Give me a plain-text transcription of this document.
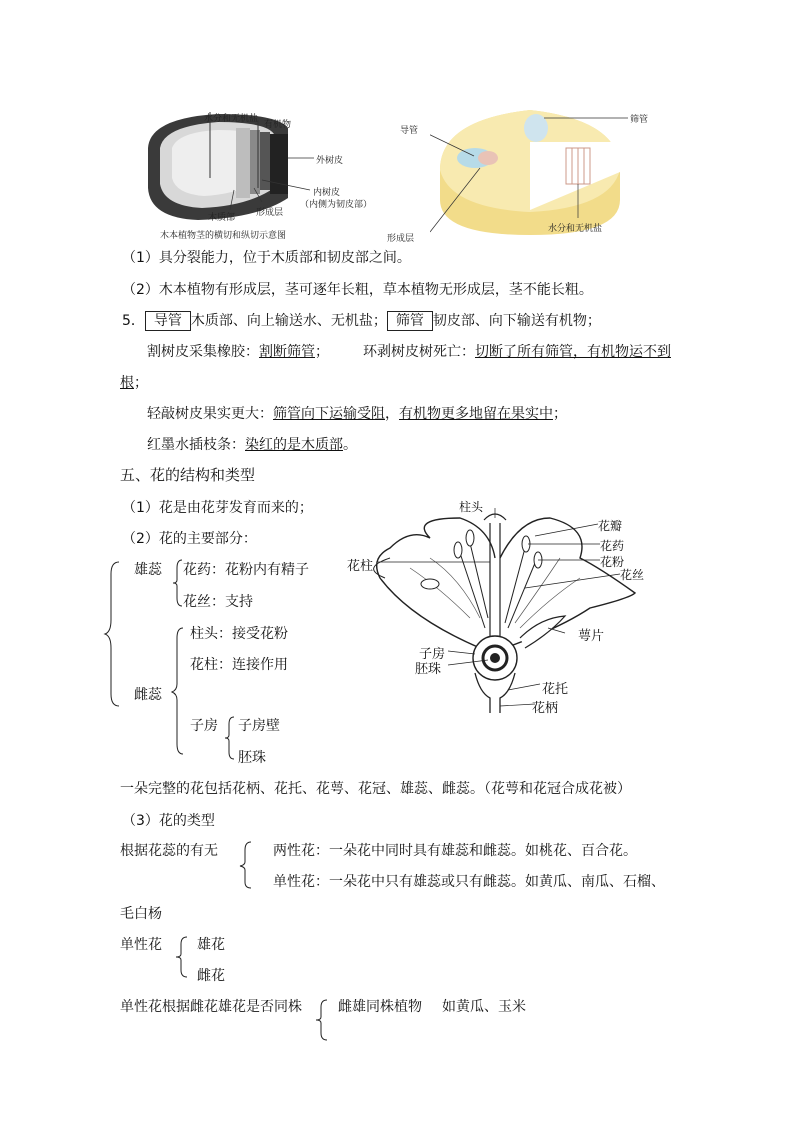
水分和无机盐
有机物
外树皮
内树皮
（内侧为韧皮部）
形成层
木质部
木本植物茎的横切和纵切示意图
导管
筛管
形成层
水分和无机盐
（1）具分裂能力，位于木质部和韧皮部之间。
（2）木本植物有形成层，茎可逐年长粗，草本植物无形成层，茎不能长粗。
5． 导管 木质部、向上输送水、无机盐； 筛管 韧皮部、向下输送有机物；
割树皮采集橡胶：割断筛管； 环剥树皮树死亡：切断了所有筛管，有机物运不到
根；
轻敲树皮果实更大：筛管向下运输受阻，有机物更多地留在果实中；
红墨水插枝条：染红的是木质部。
五、花的结构和类型
（1）花是由花芽发育而来的；
（2）花的主要部分：
雄蕊 花药：花粉内有精子
花丝：支持
雌蕊
柱头：接受花粉
花柱：连接作用
子房 子房壁
胚珠
柱头
花瓣
花药
花粉
花丝
花柱
萼片
子房
胚珠
花托
花柄
一朵完整的花包括花柄、花托、花萼、花冠、雄蕊、雌蕊。（花萼和花冠合成花被）
（3）花的类型
根据花蕊的有无	两性花：一朵花中同时具有雄蕊和雌蕊。如桃花、百合花。
单性花：一朵花中只有雄蕊或只有雌蕊。如黄瓜、南瓜、石榴、
毛白杨
单性花	雄花
雌花
单性花根据雌花雄花是否同株	雌雄同株植物 如黄瓜、玉米
